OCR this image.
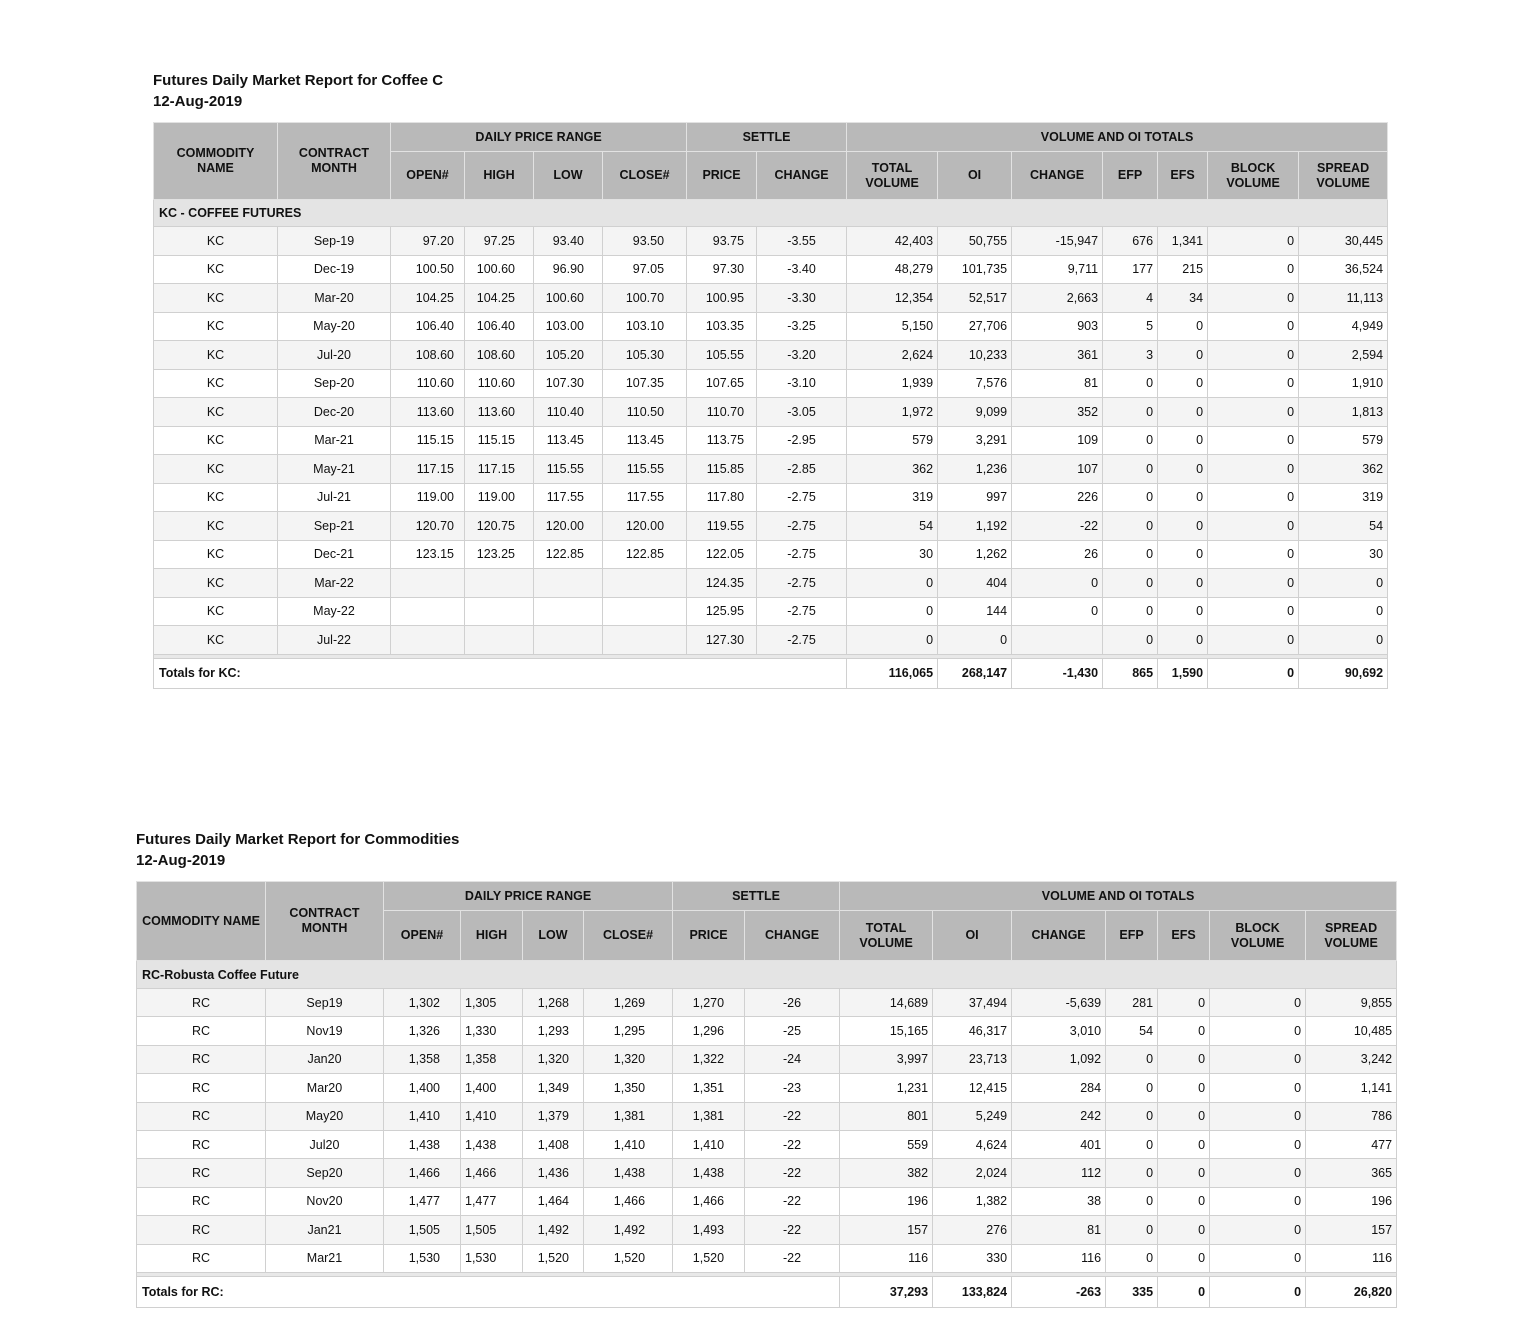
Futures Daily Market Report for Coffee C
12-Aug-2019
COMMODITY NAME	CONTRACT MONTH	DAILY PRICE RANGE				SETTLE		VOLUME AND OI TOTALS						
		OPEN#	HIGH	LOW	CLOSE#	PRICE	CHANGE	TOTAL VOLUME	OI	CHANGE	EFP	EFS	BLOCK VOLUME	SPREAD VOLUME
KC - COFFEE FUTURES														
KC	Sep-19	97.20	97.25	93.40	93.50	93.75	-3.55	42,403	50,755	-15,947	676	1,341	0	30,445
KC	Dec-19	100.50	100.60	96.90	97.05	97.30	-3.40	48,279	101,735	9,711	177	215	0	36,524
KC	Mar-20	104.25	104.25	100.60	100.70	100.95	-3.30	12,354	52,517	2,663	4	34	0	11,113
KC	May-20	106.40	106.40	103.00	103.10	103.35	-3.25	5,150	27,706	903	5	0	0	4,949
KC	Jul-20	108.60	108.60	105.20	105.30	105.55	-3.20	2,624	10,233	361	3	0	0	2,594
KC	Sep-20	110.60	110.60	107.30	107.35	107.65	-3.10	1,939	7,576	81	0	0	0	1,910
KC	Dec-20	113.60	113.60	110.40	110.50	110.70	-3.05	1,972	9,099	352	0	0	0	1,813
KC	Mar-21	115.15	115.15	113.45	113.45	113.75	-2.95	579	3,291	109	0	0	0	579
KC	May-21	117.15	117.15	115.55	115.55	115.85	-2.85	362	1,236	107	0	0	0	362
KC	Jul-21	119.00	119.00	117.55	117.55	117.80	-2.75	319	997	226	0	0	0	319
KC	Sep-21	120.70	120.75	120.00	120.00	119.55	-2.75	54	1,192	-22	0	0	0	54
KC	Dec-21	123.15	123.25	122.85	122.85	122.05	-2.75	30	1,262	26	0	0	0	30
KC	Mar-22					124.35	-2.75	0	404	0	0	0	0	0
KC	May-22					125.95	-2.75	0	144	0	0	0	0	0
KC	Jul-22					127.30	-2.75	0	0		0	0	0	0

Totals for KC:								116,065	268,147	-1,430	865	1,590	0	90,692
Futures Daily Market Report for Commodities
12-Aug-2019
COMMODITY NAME	CONTRACT MONTH	DAILY PRICE RANGE				SETTLE		VOLUME AND OI TOTALS						
		OPEN#	HIGH	LOW	CLOSE#	PRICE	CHANGE	TOTAL VOLUME	OI	CHANGE	EFP	EFS	BLOCK VOLUME	SPREAD VOLUME
RC-Robusta Coffee Future														
RC	Sep19	1,302	1,305	1,268	1,269	1,270	-26	14,689	37,494	-5,639	281	0	0	9,855
RC	Nov19	1,326	1,330	1,293	1,295	1,296	-25	15,165	46,317	3,010	54	0	0	10,485
RC	Jan20	1,358	1,358	1,320	1,320	1,322	-24	3,997	23,713	1,092	0	0	0	3,242
RC	Mar20	1,400	1,400	1,349	1,350	1,351	-23	1,231	12,415	284	0	0	0	1,141
RC	May20	1,410	1,410	1,379	1,381	1,381	-22	801	5,249	242	0	0	0	786
RC	Jul20	1,438	1,438	1,408	1,410	1,410	-22	559	4,624	401	0	0	0	477
RC	Sep20	1,466	1,466	1,436	1,438	1,438	-22	382	2,024	112	0	0	0	365
RC	Nov20	1,477	1,477	1,464	1,466	1,466	-22	196	1,382	38	0	0	0	196
RC	Jan21	1,505	1,505	1,492	1,492	1,493	-22	157	276	81	0	0	0	157
RC	Mar21	1,530	1,530	1,520	1,520	1,520	-22	116	330	116	0	0	0	116

Totals for RC:								37,293	133,824	-263	335	0	0	26,820
